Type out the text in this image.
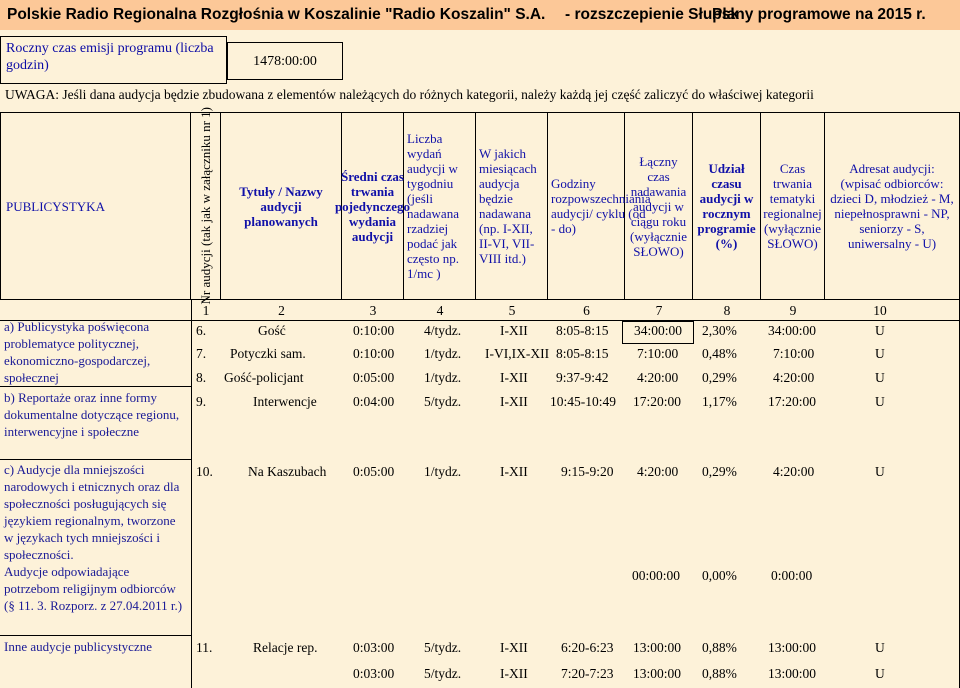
Polskie Radio Regionalna Rozgłośnia w Koszalinie "Radio Koszalin" S.A. - rozszczepienie Słupsk
Plany programowe na 2015 r.
Roczny czas emisji programu (liczba godzin)	1478:00:00
UWAGA: Jeśli dana audycja będzie zbudowana z elementów należących do różnych kategorii, należy każdą jej część zaliczyć do właściwej kategorii
PUBLICYSTYKA	Nr audycji (tak jak w załączniku nr 1)	Tytuły / Nazwy audycji planowanych
Średni czas trwania pojedynczego wydania audycji
Liczba wydań audycji w tygodniu (jeśli nadawana rzadziej podać jak często np. 1/mc )
W jakich miesiącach audycja będzie nadawana (np. I-XII, II-VI, VII-VIII itd.)
Godziny rozpowszechniania audycji/ cyklu (od - do)
Łączny czas nadawania audycji w ciągu roku (wyłącznie SŁOWO)
Udział czasu audycji w rocznym programie (%)
Czas trwania tematyki regionalnej (wyłącznie SŁOWO)
Adresat audycji: (wpisać odbiorców: dzieci D, młodzież - M, niepełnosprawni - NP, seniorzy - S, uniwersalny - U)
1	2	3	4	5	6	7	8	9	10
a) Publicystyka poświęcona problematyce politycznej, ekonomiczno-gospodarczej, społecznej
b) Reportaże oraz inne formy dokumentalne dotyczące regionu, interwencyjne i społeczne
c) Audycje dla mniejszości narodowych i etnicznych oraz dla społeczności posługujących się językiem regionalnym, tworzone w językach tych mniejszości i społeczności.
Audycje odpowiadające potrzebom religijnym odbiorców (§ 11. 3. Rozporz. z 27.04.2011 r.)
Inne audycje publicystyczne
6.	Gość	0:10:00 4/tydz.	I-XII 8:05-8:15	34:00:00	2,30% 34:00:00	U
7. Potyczki sam.	0:10:00 1/tydz. I-VI,IX-XII 8:05-8:15 7:10:00 0,48%	7:10:00	U
8. Gość-policjant	0:05:00 1/tydz.	I-XII 9:37-9:42 4:20:00 0,29%	4:20:00	U
9.	Interwencje	0:04:00 5/tydz.	I-XII 10:45-10:49 17:20:00 1,17% 17:20:00	U
10.	Na Kaszubach 0:05:00 1/tydz.	I-XII 9:15-9:20 4:20:00 0,29%	4:20:00	U
00:00:00 0,00%	0:00:00
11.	Relacje rep.	0:03:00 5/tydz.	I-XII 6:20-6:23 13:00:00 0,88% 13:00:00	U
0:03:00 5/tydz.	I-XII 7:20-7:23 13:00:00 0,88% 13:00:00	U
